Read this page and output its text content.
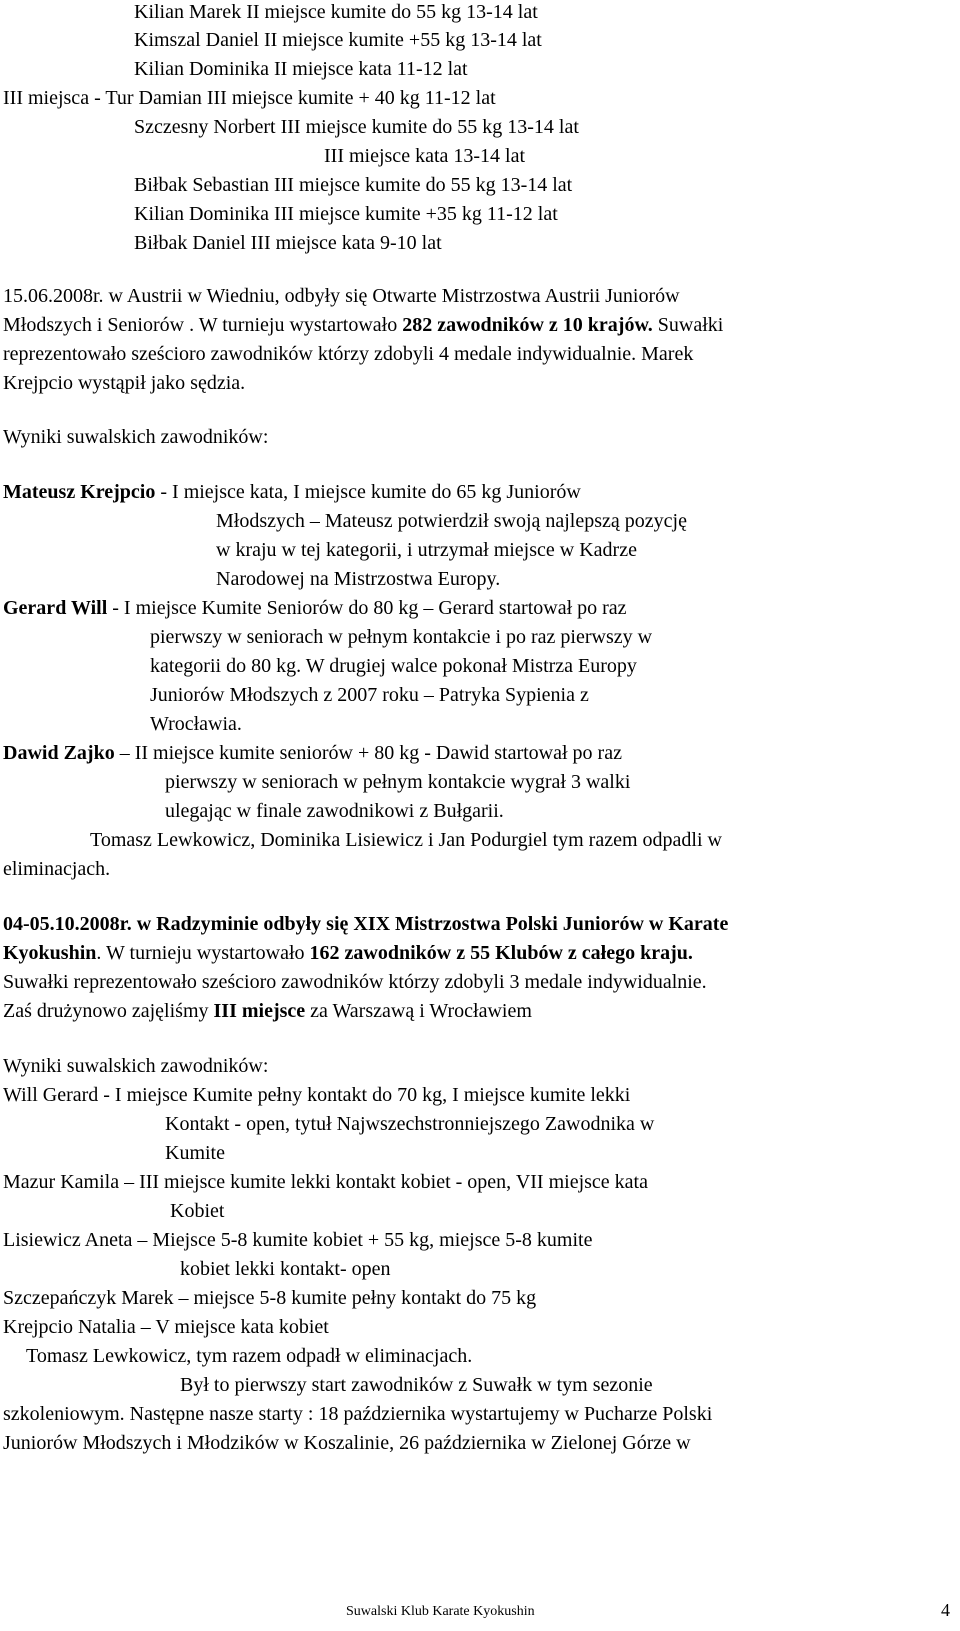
Kilian Marek II miejsce kumite do 55 kg 13-14 lat
Kimszal Daniel II miejsce kumite +55 kg 13-14 lat
Kilian Dominika II miejsce kata 11-12 lat
III miejsca - Tur Damian III miejsce kumite + 40 kg 11-12 lat
Szczesny Norbert III miejsce kumite do 55 kg 13-14 lat
III miejsce kata 13-14 lat
Biłbak Sebastian III miejsce kumite do 55 kg 13-14 lat
Kilian Dominika III miejsce kumite +35 kg 11-12 lat
Biłbak Daniel III miejsce kata 9-10 lat
15.06.2008r. w Austrii w Wiedniu, odbyły się Otwarte Mistrzostwa Austrii Juniorów
Młodszych i Seniorów . W turnieju wystartowało 282 zawodników z 10 krajów. Suwałki
reprezentowało sześcioro zawodników którzy zdobyli 4 medale indywidualnie. Marek
Krejpcio wystąpił jako sędzia.
Wyniki suwalskich zawodników:
Mateusz Krejpcio - I miejsce kata, I miejsce kumite do 65 kg Juniorów
Młodszych – Mateusz potwierdził swoją najlepszą pozycję
w kraju w tej kategorii, i utrzymał miejsce w Kadrze
Narodowej na Mistrzostwa Europy.
Gerard Will - I miejsce Kumite Seniorów do 80 kg – Gerard startował po raz
pierwszy w seniorach w pełnym kontakcie i po raz pierwszy w
kategorii do 80 kg. W drugiej walce pokonał Mistrza Europy
Juniorów Młodszych z 2007 roku – Patryka Sypienia z
Wrocławia.
Dawid Zajko – II miejsce kumite seniorów + 80 kg - Dawid startował po raz
pierwszy w seniorach w pełnym kontakcie wygrał 3 walki
ulegając w finale zawodnikowi z Bułgarii.
Tomasz Lewkowicz, Dominika Lisiewicz i Jan Podurgiel tym razem odpadli w
eliminacjach.
04-05.10.2008r. w Radzyminie odbyły się XIX Mistrzostwa Polski Juniorów w Karate
Kyokushin. W turnieju wystartowało 162 zawodników z 55 Klubów z całego kraju.
Suwałki reprezentowało sześcioro zawodników którzy zdobyli 3 medale indywidualnie.
Zaś drużynowo zajęliśmy III miejsce za Warszawą i Wrocławiem
Wyniki suwalskich zawodników:
Will Gerard - I miejsce Kumite pełny kontakt do 70 kg, I miejsce kumite lekki
Kontakt - open, tytuł Najwszechstronniejszego Zawodnika w
Kumite
Mazur Kamila – III miejsce kumite lekki kontakt kobiet - open, VII miejsce kata
Kobiet
Lisiewicz Aneta – Miejsce 5-8 kumite kobiet + 55 kg, miejsce 5-8 kumite
kobiet lekki kontakt- open
Szczepańczyk Marek – miejsce 5-8 kumite pełny kontakt do 75 kg
Krejpcio Natalia – V miejsce kata kobiet
Tomasz Lewkowicz, tym razem odpadł w eliminacjach.
Był to pierwszy start zawodników z Suwałk w tym sezonie
szkoleniowym. Następne nasze starty : 18 października wystartujemy w Pucharze Polski
Juniorów Młodszych i Młodzików w Koszalinie, 26 października w Zielonej Górze w
Suwalski Klub Karate Kyokushin	4
